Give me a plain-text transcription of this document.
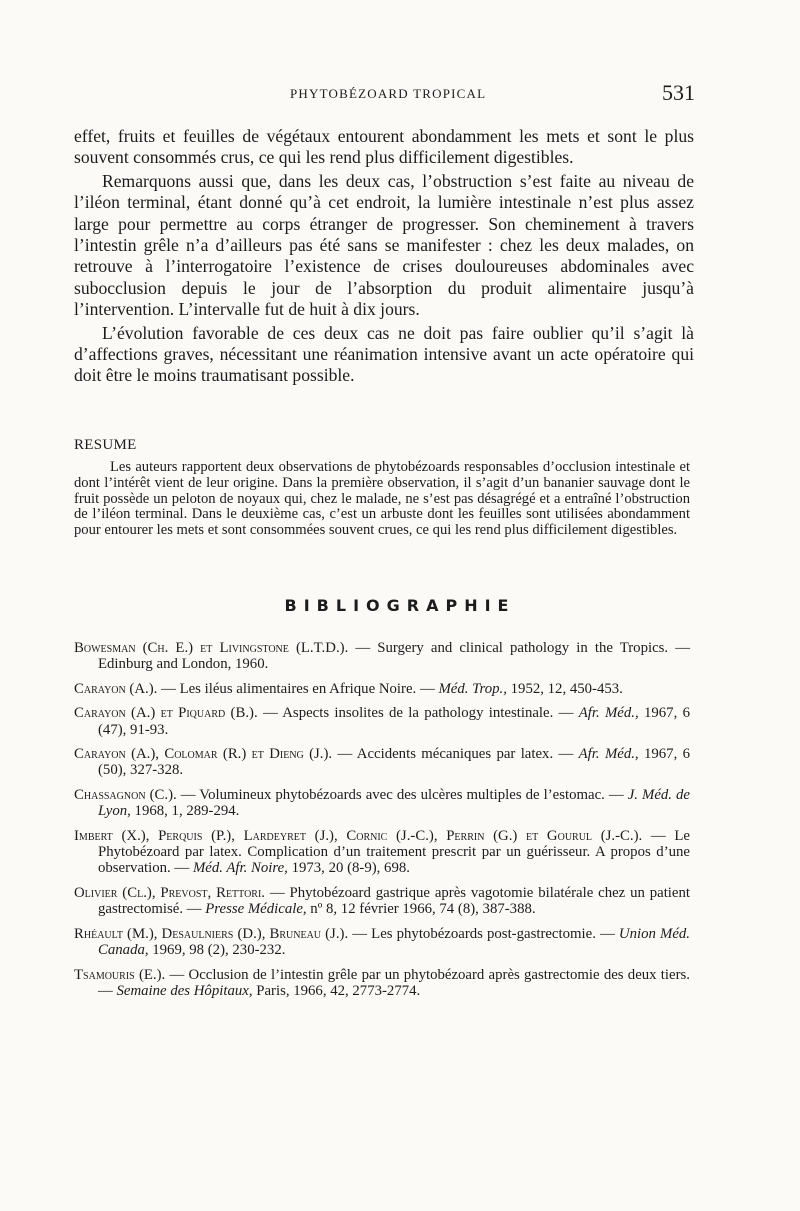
PHYTOBÉZOARD TROPICAL	531

effet, fruits et feuilles de végétaux entourent abondamment les mets et sont le plus souvent consommés crus, ce qui les rend plus difficilement digestibles.

Remarquons aussi que, dans les deux cas, l’obstruction s’est faite au niveau de l’iléon terminal, étant donné qu’à cet endroit, la lumière intestinale n’est plus assez large pour permettre au corps étranger de progresser. Son cheminement à travers l’intestin grêle n’a d’ailleurs pas été sans se manifester : chez les deux malades, on retrouve à l’interrogatoire l’existence de crises douloureuses abdominales avec subocclusion depuis le jour de l’absorption du produit alimentaire jusqu’à l’intervention. L’intervalle fut de huit à dix jours.

L’évolution favorable de ces deux cas ne doit pas faire oublier qu’il s’agit là d’affections graves, nécessitant une réanimation intensive avant un acte opératoire qui doit être le moins traumatisant possible.

RESUME

Les auteurs rapportent deux observations de phytobézoards responsables d’occlusion intestinale et dont l’intérêt vient de leur origine. Dans la première observation, il s’agit d’un bananier sauvage dont le fruit possède un peloton de noyaux qui, chez le malade, ne s’est pas désagrégé et a entraîné l’obstruction de l’iléon terminal. Dans le deuxième cas, c’est un arbuste dont les feuilles sont utilisées abondamment pour entourer les mets et sont consommées souvent crues, ce qui les rend plus difficilement digestibles.

BIBLIOGRAPHIE
Bowesman (Ch. E.) et Livingstone (L.T.D.). — Surgery and clinical pathology in the Tropics. — Edinburg and London, 1960.
Carayon (A.). — Les iléus alimentaires en Afrique Noire. — Méd. Trop., 1952, 12, 450-453.
Carayon (A.) et Piquard (B.). — Aspects insolites de la pathology intestinale. — Afr. Méd., 1967, 6 (47), 91-93.
Carayon (A.), Colomar (R.) et Dieng (J.). — Accidents mécaniques par latex. — Afr. Méd., 1967, 6 (50), 327-328.
Chassagnon (C.). — Volumineux phytobézoards avec des ulcères multiples de l’estomac. — J. Méd. de Lyon, 1968, 1, 289-294.
Imbert (X.), Perquis (P.), Lardeyret (J.), Cornic (J.-C.), Perrin (G.) et Gourul (J.-C.). — Le Phytobézoard par latex. Complication d’un traitement prescrit par un guérisseur. A propos d’une observation. — Méd. Afr. Noire, 1973, 20 (8-9), 698.
Olivier (Cl.), Prevost, Rettori. — Phytobézoard gastrique après vagotomie bilatérale chez un patient gastrectomisé. — Presse Médicale, nº 8, 12 février 1966, 74 (8), 387-388.
Rhéault (M.), Desaulniers (D.), Bruneau (J.). — Les phytobézoards post-gastrectomie. — Union Méd. Canada, 1969, 98 (2), 230-232.
Tsamouris (E.). — Occlusion de l’intestin grêle par un phytobézoard après gastrectomie des deux tiers. — Semaine des Hôpitaux, Paris, 1966, 42, 2773-2774.
